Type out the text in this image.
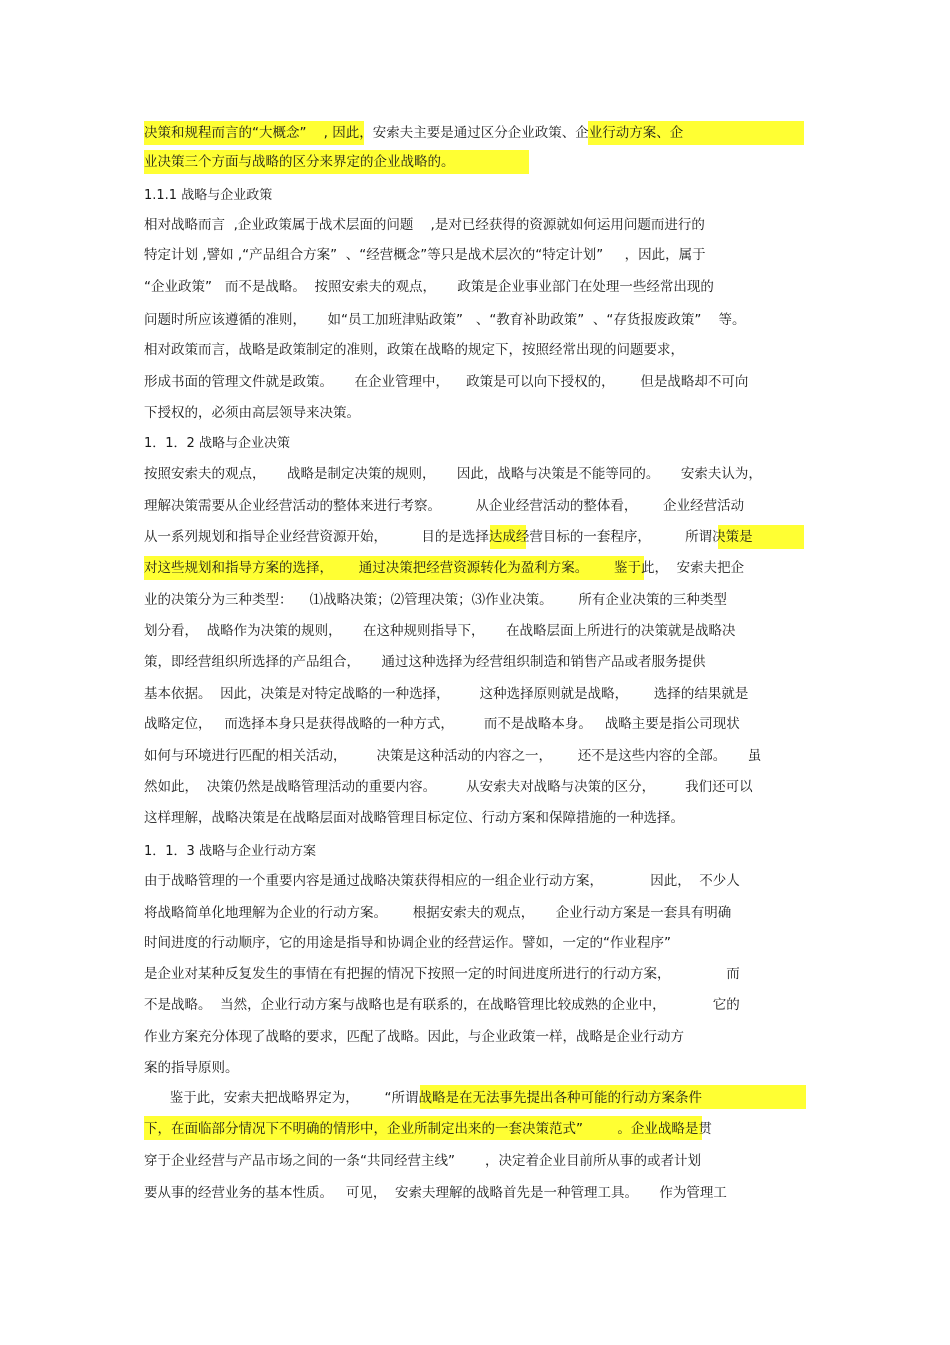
决策和规程而言的“大概念”    , 因此，安索夫主要是通过区分企业政策、企业行动方案、企
业决策三个方面与战略的区分来界定的企业战略的。
1.1.1 战略与企业政策
相对战略而言  ,企业政策属于战术层面的问题    ,是对已经获得的资源就如何运用问题而进行的
特定计划 ,譬如 ,“产品组合方案”  、“经营概念”等只是战术层次的“特定计划”     ，因此，属于
“企业政策”   而不是战略。  按照安索夫的观点，     政策是企业事业部门在处理一些经常出现的
问题时所应该遵循的准则，     如“员工加班津贴政策”   、“教育补助政策”  、“存货报废政策”    等。
相对政策而言，战略是政策制定的准则，政策在战略的规定下，按照经常出现的问题要求，
形成书面的管理文件就是政策。     在企业管理中，    政策是可以向下授权的，      但是战略却不可向
下授权的，必须由高层领导来决策。
1．1．2 战略与企业决策
按照安索夫的观点，     战略是制定决策的规则，     因此，战略与决策是不能等同的。     安索夫认为，
理解决策需要从企业经营活动的整体来进行考察。        从企业经营活动的整体看，      企业经营活动
从一系列规划和指导企业经营资源开始，        目的是选择达成经营目标的一套程序，        所谓决策是
对这些规划和指导方案的选择，      通过决策把经营资源转化为盈利方案。      鉴于此，  安索夫把企
业的决策分为三种类型：    ⑴战略决策；⑵管理决策；⑶作业决策。      所有企业决策的三种类型
划分看，  战略作为决策的规则，     在这种规则指导下，     在战略层面上所进行的决策就是战略决
策，即经营组织所选择的产品组合，     通过这种选择为经营组织制造和销售产品或者服务提供
基本依据。  因此，决策是对特定战略的一种选择，       这种选择原则就是战略，      选择的结果就是
战略定位，   而选择本身只是获得战略的一种方式，       而不是战略本身。   战略主要是指公司现状
如何与环境进行匹配的相关活动，       决策是这种活动的内容之一，      还不是这些内容的全部。     虽
然如此，  决策仍然是战略管理活动的重要内容。       从安索夫对战略与决策的区分，       我们还可以
这样理解，战略决策是在战略层面对战略管理目标定位、行动方案和保障措施的一种选择。
1．1．3 战略与企业行动方案
由于战略管理的一个重要内容是通过战略决策获得相应的一组企业行动方案，           因此，  不少人
将战略简单化地理解为企业的行动方案。      根据安索夫的观点，     企业行动方案是一套具有明确
时间进度的行动顺序，它的用途是指导和协调企业的经营运作。譬如，一定的“作业程序”
是企业对某种反复发生的事情在有把握的情况下按照一定的时间进度所进行的行动方案，             而
不是战略。  当然，企业行动方案与战略也是有联系的，在战略管理比较成熟的企业中，           它的
作业方案充分体现了战略的要求，匹配了战略。因此，与企业政策一样，战略是企业行动方
案的指导原则。
鉴于此，安索夫把战略界定为，      “所谓战略是在无法事先提出各种可能的行动方案条件
下，在面临部分情况下不明确的情形中，企业所制定出来的一套决策范式”        。企业战略是贯
穿于企业经营与产品市场之间的一条“共同经营主线”       ，决定着企业目前所从事的或者计划
要从事的经营业务的基本性质。   可见，  安索夫理解的战略首先是一种管理工具。     作为管理工
